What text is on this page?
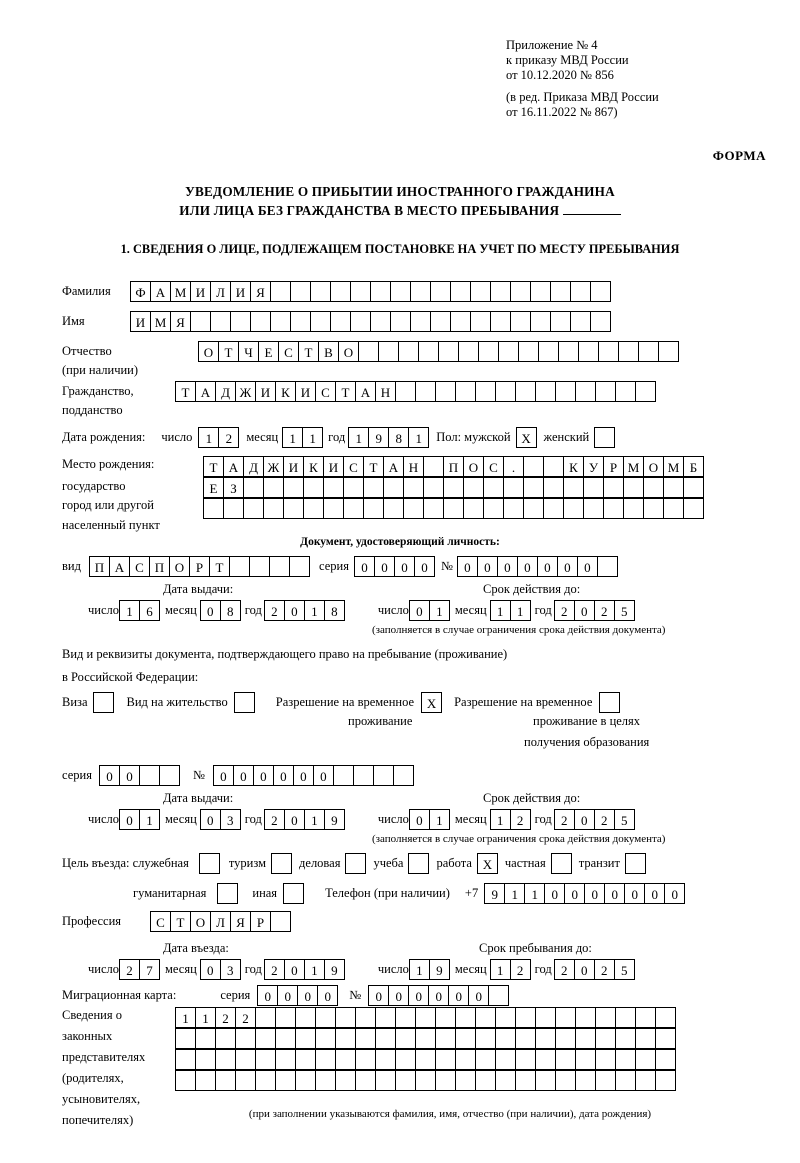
Приложение № 4
к приказу МВД России
от 10.12.2020 № 856
(в ред. Приказа МВД России
от 16.11.2022 № 867)
ФОРМА
УВЕДОМЛЕНИЕ О ПРИБЫТИИ ИНОСТРАННОГО ГРАЖДАНИНА
ИЛИ ЛИЦА БЕЗ ГРАЖДАНСТВА В МЕСТО ПРЕБЫВАНИЯ
1. СВЕДЕНИЯ О ЛИЦЕ, ПОДЛЕЖАЩЕМ ПОСТАНОВКЕ НА УЧЕТ ПО МЕСТУ ПРЕБЫВАНИЯ
Фамилия	Ф А М И Л И Я
Имя	И М Я
Отчество	О Т Ч Е С Т В О
(при наличии)
Гражданство,	Т А Д Ж И К И С Т А Н
подданство
Дата рождения: число	1	2	месяц 1	1 год 1	9	8	1	Пол: мужской Х	женский
Место рождения:
государство
город или другой
населенный пункт
Т А Д Ж И К И С Т А Н	П О С	.	К У Р М О М Б
Е З
Документ, удостоверяющий личность:
вид	П А С П О Р Т	серия 0	0	0	0	№ 0	0	0	0	0	0	0
Дата выдачи:	Срок действия до:
число 1	6 месяц 0	8 год 2	0	1	8	число 0	1 месяц 1	1 год 2	0	2	5
(заполняется в случае ограничения срока действия документа)
Вид и реквизиты документа, подтверждающего право на пребывание (проживание)
в Российской Федерации:
Виза	Вид на жительство	Разрешение на временное Х	Разрешение на временное
проживание	проживание в целях
получения образования
серия	0	0	№	0	0	0	0	0	0
Дата выдачи:	Срок действия до:
число 0	1 месяц 0	3 год 2	0	1	9	число 0	1 месяц 1	2 год 2	0	2	5
(заполняется в случае ограничения срока действия документа)
Цель въезда: служебная	туризм	деловая	учеба	работа Х	частная	транзит
гуманитарная	иная	Телефон (при наличии) +7	9	1	1	0	0	0	0	0	0	0
Профессия	С Т О Л Я Р
Дата въезда:	Срок пребывания до:
число 2	7 месяц 0	3 год 2	0	1	9	число 1	9 месяц 1	2 год 2	0	2	5
Миграционная карта:	серия	0	0	0	0	№	0	0	0	0	0	0
Сведения о
законных
представителях
(родителях,
усыновителях,
попечителях)
1	1	2	2
(при заполнении указываются фамилия, имя, отчество (при наличии), дата рождения)
